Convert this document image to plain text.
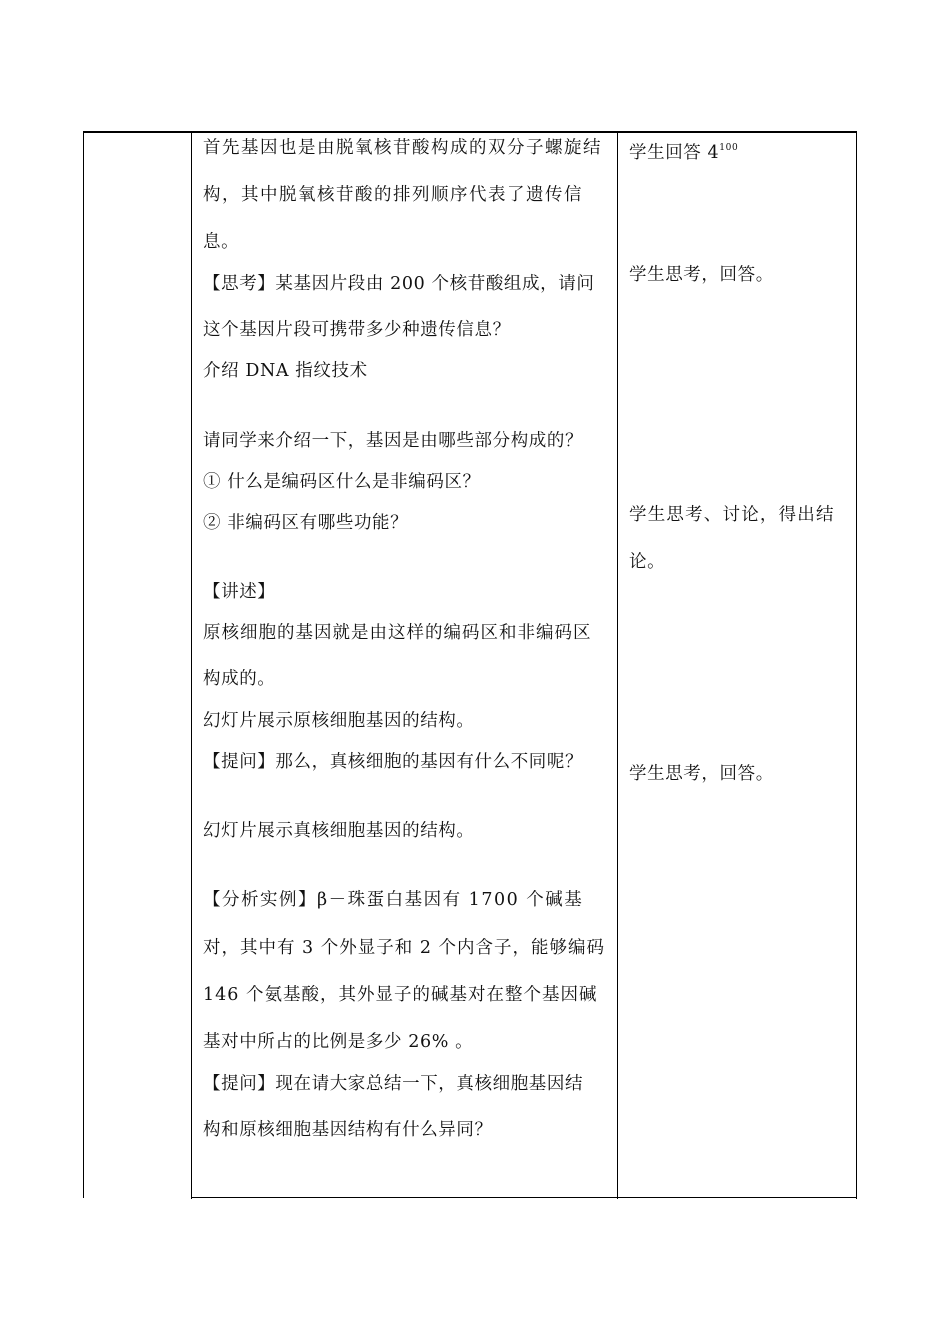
首先基因也是由脱氧核苷酸构成的双分子螺旋结
构，其中脱氧核苷酸的排列顺序代表了遗传信
息。
【思考】某基因片段由 200 个核苷酸组成，请问
这个基因片段可携带多少种遗传信息？
介绍 DNA 指纹技术
请同学来介绍一下，基因是由哪些部分构成的？
① 什么是编码区什么是非编码区？
② 非编码区有哪些功能？
【讲述】
原核细胞的基因就是由这样的编码区和非编码区
构成的。
幻灯片展示原核细胞基因的结构。
【提问】那么，真核细胞的基因有什么不同呢？
幻灯片展示真核细胞基因的结构。
【分析实例】β－珠蛋白基因有 1700 个碱基
对，其中有 3 个外显子和 2 个内含子，能够编码
146 个氨基酸，其外显子的碱基对在整个基因碱
基对中所占的比例是多少 26% 。
【提问】现在请大家总结一下，真核细胞基因结
构和原核细胞基因结构有什么异同？
学生回答 $4^{100}$
学生思考，回答。
学生思考、讨论，得出结
论。
学生思考，回答。
